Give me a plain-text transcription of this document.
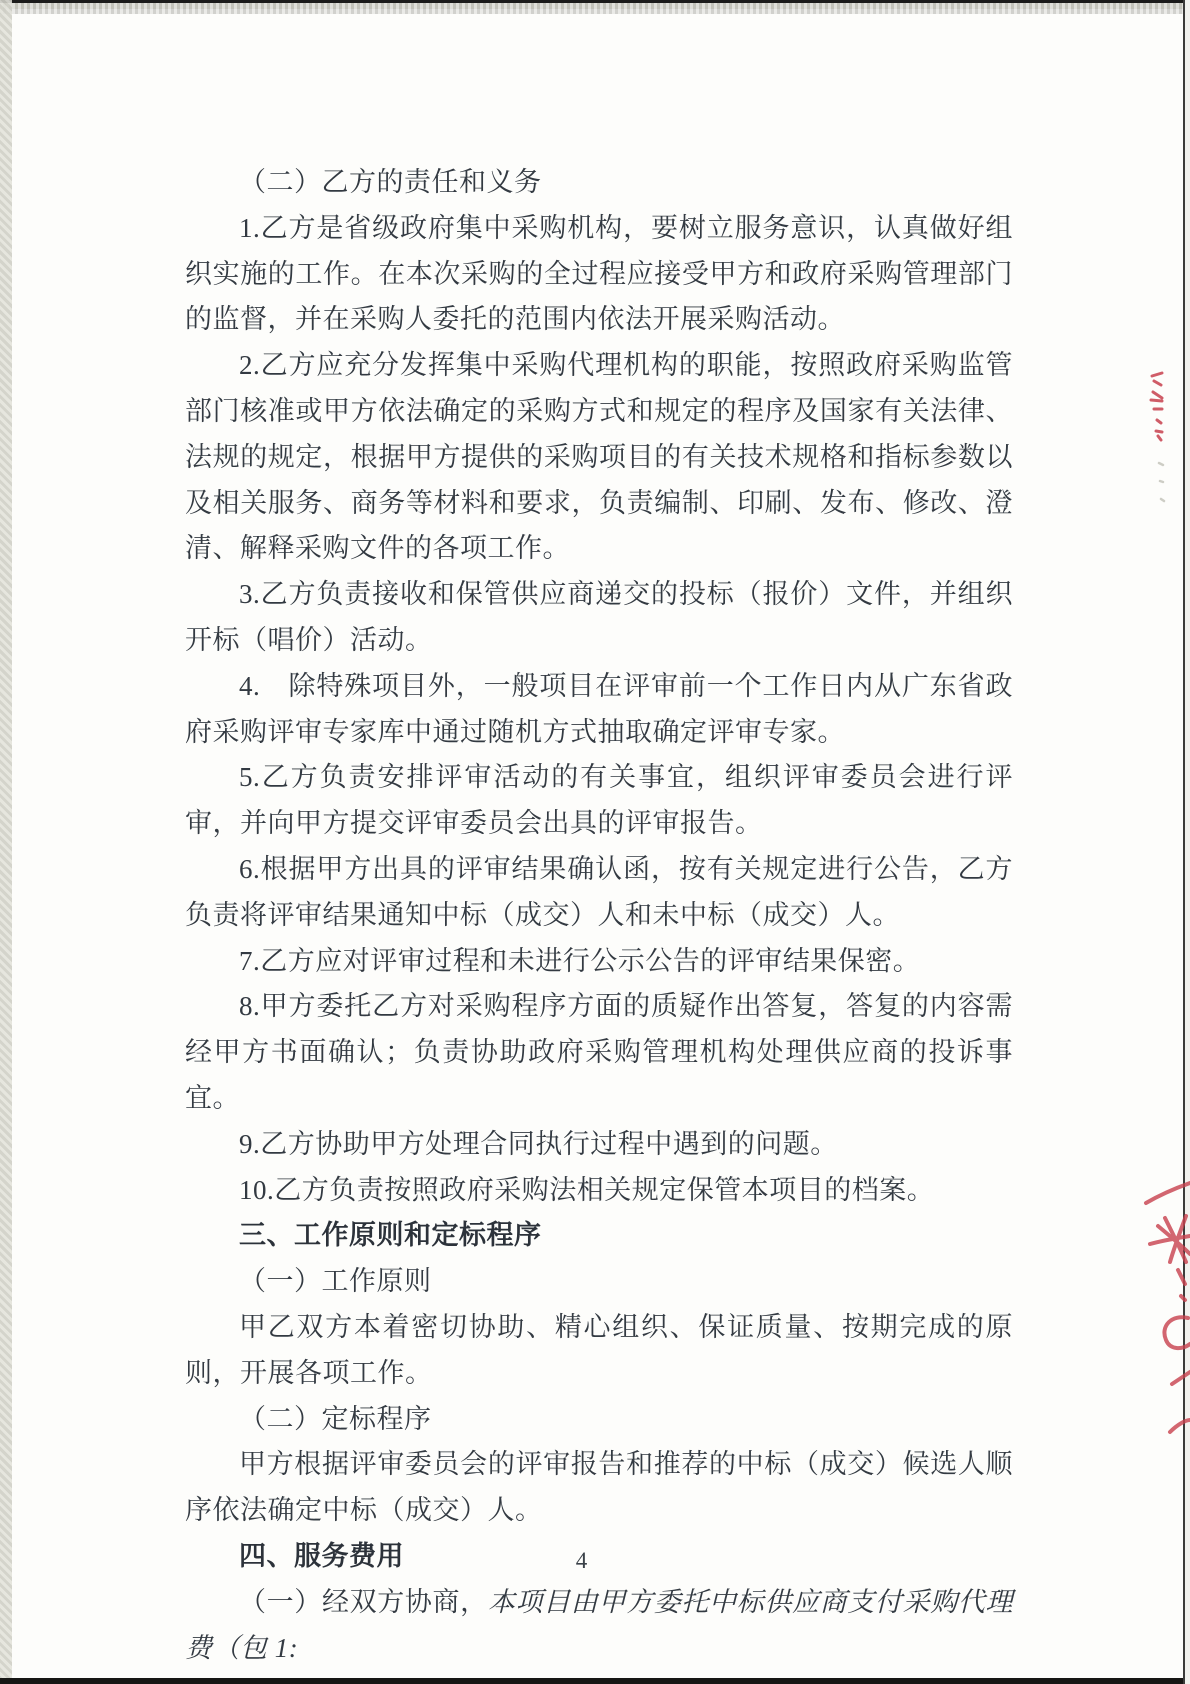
（二）乙方的责任和义务

1.乙方是省级政府集中采购机构，要树立服务意识，认真做好组织实施的工作。在本次采购的全过程应接受甲方和政府采购管理部门的监督，并在采购人委托的范围内依法开展采购活动。

2.乙方应充分发挥集中采购代理机构的职能，按照政府采购监管部门核准或甲方依法确定的采购方式和规定的程序及国家有关法律、法规的规定，根据甲方提供的采购项目的有关技术规格和指标参数以及相关服务、商务等材料和要求，负责编制、印刷、发布、修改、澄清、解释采购文件的各项工作。

3.乙方负责接收和保管供应商递交的投标（报价）文件，并组织开标（唱价）活动。

4.　除特殊项目外，一般项目在评审前一个工作日内从广东省政府采购评审专家库中通过随机方式抽取确定评审专家。

5.乙方负责安排评审活动的有关事宜，组织评审委员会进行评审，并向甲方提交评审委员会出具的评审报告。

6.根据甲方出具的评审结果确认函，按有关规定进行公告，乙方负责将评审结果通知中标（成交）人和未中标（成交）人。

7.乙方应对评审过程和未进行公示公告的评审结果保密。

8.甲方委托乙方对采购程序方面的质疑作出答复，答复的内容需经甲方书面确认；负责协助政府采购管理机构处理供应商的投诉事宜。

9.乙方协助甲方处理合同执行过程中遇到的问题。

10.乙方负责按照政府采购法相关规定保管本项目的档案。

三、工作原则和定标程序

（一）工作原则

甲乙双方本着密切协助、精心组织、保证质量、按期完成的原则，开展各项工作。

（二）定标程序

甲方根据评审委员会的评审报告和推荐的中标（成交）候选人顺序依法确定中标（成交）人。

四、服务费用

（一）经双方协商，本项目由甲方委托中标供应商支付采购代理费（包 1:

4
